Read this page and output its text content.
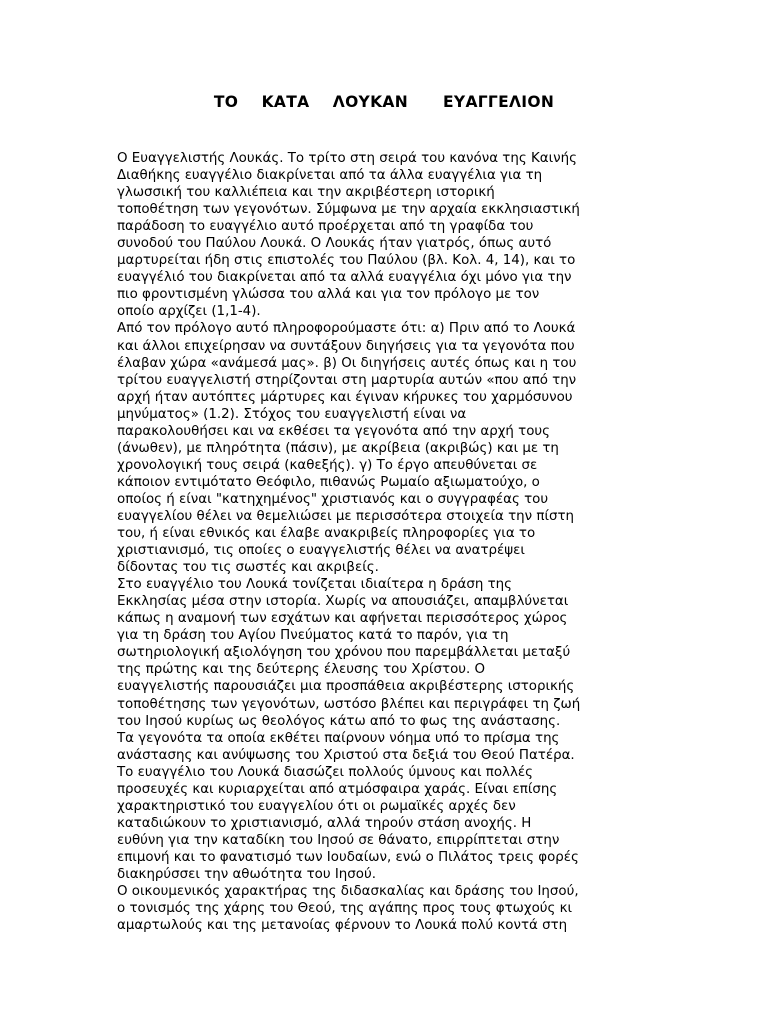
ΤΟ  ΚΑΤΑ  ΛΟΥΚΑΝ   ΕΥΑΓΓΕΛΙΟΝ
Ο Ευαγγελιστής Λουκάς. Το τρίτο στη σειρά του κανόνα της Καινής
Διαθήκης ευαγγέλιο διακρίνεται από τα άλλα ευαγγέλια για τη
γλωσσική του καλλιέπεια και την ακριβέστερη ιστορική
τοποθέτηση των γεγονότων. Σύμφωνα με την αρχαία εκκλησιαστική
παράδοση το ευαγγέλιο αυτό προέρχεται από τη γραφίδα του
συνοδού του Παύλου Λουκά. Ο Λουκάς ήταν γιατρός, όπως αυτό
μαρτυρείται ήδη στις επιστολές του Παύλου (βλ. Κολ. 4, 14), και το
ευαγγέλιό του διακρίνεται από τα αλλά ευαγγέλια όχι μόνο για την
πιο φροντισμένη γλώσσα του αλλά και για τον πρόλογο με τον
οποίο αρχίζει (1,1-4).
Από τον πρόλογο αυτό πληροφορούμαστε ότι: α) Πριν από το Λουκά
και άλλοι επιχείρησαν να συντάξουν διηγήσεις για τα γεγονότα που
έλαβαν χώρα «ανάμεσά μας». β) Οι διηγήσεις αυτές όπως και η του
τρίτου ευαγγελιστή στηρίζονται στη μαρτυρία αυτών «που από την
αρχή ήταν αυτόπτες μάρτυρες και έγιναν κήρυκες του χαρμόσυνου
μηνύματος» (1.2). Στόχος του ευαγγελιστή είναι να
παρακολουθήσει και να εκθέσει τα γεγονότα από την αρχή τους
(άνωθεν), με πληρότητα (πάσιν), με ακρίβεια (ακριβώς) και με τη
χρονολογική τους σειρά (καθεξής). γ) Το έργο απευθύνεται σε
κάποιον εντιμότατο Θεόφιλο, πιθανώς Ρωμαίο αξιωματούχο, ο
οποίος ή είναι "κατηχημένος" χριστιανός και ο συγγραφέας του
ευαγγελίου θέλει να θεμελιώσει με περισσότερα στοιχεία την πίστη
του, ή είναι εθνικός και έλαβε ανακριβείς πληροφορίες για το
χριστιανισμό, τις οποίες ο ευαγγελιστής θέλει να ανατρέψει
δίδοντας του τις σωστές και ακριβείς.
Στο ευαγγέλιο του Λουκά τονίζεται ιδιαίτερα η δράση της
Εκκλησίας μέσα στην ιστορία. Χωρίς να απουσιάζει, απαμβλύνεται
κάπως η αναμονή των εσχάτων και αφήνεται περισσότερος χώρος
για τη δράση του Αγίου Πνεύματος κατά το παρόν, για τη
σωτηριολογική αξιολόγηση του χρόνου που παρεμβάλλεται μεταξύ
της πρώτης και της δεύτερης έλευσης του Χρίστου. Ο
ευαγγελιστής παρουσιάζει μια προσπάθεια ακριβέστερης ιστορικής
τοποθέτησης των γεγονότων, ωστόσο βλέπει και περιγράφει τη ζωή
του Ιησού κυρίως ως θεολόγος κάτω από το φως της ανάστασης.
Τα γεγονότα τα οποία εκθέτει παίρνουν νόημα υπό το πρίσμα της
ανάστασης και ανύψωσης του Χριστού στα δεξιά του Θεού Πατέρα.
Το ευαγγέλιο του Λουκά διασώζει πολλούς ύμνους και πολλές
προσευχές και κυριαρχείται από ατμόσφαιρα χαράς. Είναι επίσης
χαρακτηριστικό του ευαγγελίου ότι οι ρωμαϊκές αρχές δεν
καταδιώκουν το χριστιανισμό, αλλά τηρούν στάση ανοχής. Η
ευθύνη για την καταδίκη του Ιησού σε θάνατο, επιρρίπτεται στην
επιμονή και το φανατισμό των Ιουδαίων, ενώ ο Πιλάτος τρεις φορές
διακηρύσσει την αθωότητα του Ιησού.
Ο οικουμενικός χαρακτήρας της διδασκαλίας και δράσης του Ιησού,
ο τονισμός της χάρης του Θεού, της αγάπης προς τους φτωχούς κι
αμαρτωλούς και της μετανοίας φέρνουν το Λουκά πολύ κοντά στη
